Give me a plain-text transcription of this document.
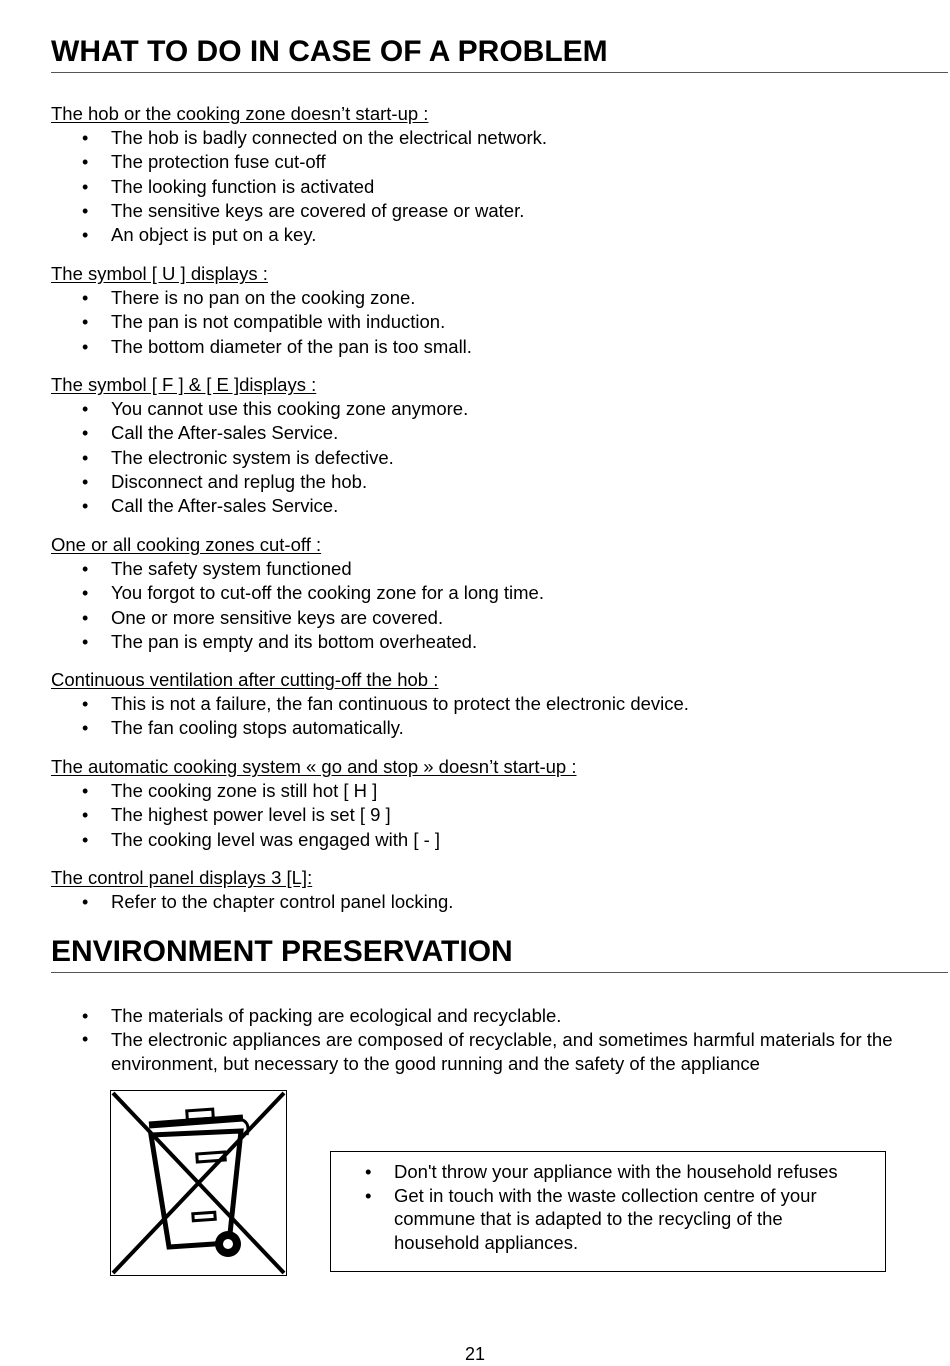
WHAT TO DO IN CASE OF A PROBLEM
The hob or the cooking zone doesn’t start-up :
• The hob is badly connected on the electrical network.
• The protection fuse cut-off
• The looking function is activated
• The sensitive keys are covered of grease or water.
• An object is put on a key.
The symbol [ U ] displays :
• There is no pan on the cooking zone.
• The pan is not compatible with induction.
• The bottom diameter of the pan is too small.
The symbol [ F ] & [ E ]displays :
• You cannot use this cooking zone anymore.
• Call the After-sales Service.
• The electronic system is defective.
• Disconnect and replug the hob.
• Call the After-sales Service.
One or all cooking zones cut-off :
• The safety system functioned
• You forgot to cut-off the cooking zone for a long time.
• One or more sensitive keys are covered.
• The pan is empty and its bottom overheated.
Continuous ventilation after cutting-off the hob :
• This is not a failure, the fan continuous to protect the electronic device.
• The fan cooling stops automatically.
The automatic cooking system « go and stop » doesn’t start-up :
• The cooking zone is still hot [ H ]
• The highest power level is set [ 9 ]
• The cooking level was engaged with [ - ]
The control panel displays 3 [L]:
• Refer to the chapter control panel locking.
ENVIRONMENT PRESERVATION
• The materials of packing are ecological and recyclable.
• The electronic appliances are composed of recyclable, and sometimes harmful materials for the environment, but necessary to the good running and the safety of the appliance
• Don't throw your appliance with the household refuses
• Get in touch with the waste collection centre of your commune that is adapted to the recycling of the household appliances.
21
